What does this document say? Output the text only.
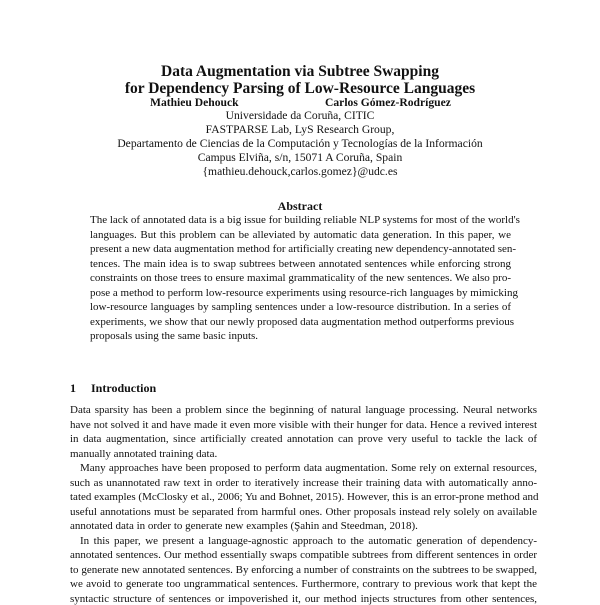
Data Augmentation via Subtree Swapping
for Dependency Parsing of Low-Resource Languages
Mathieu Dehouck	Carlos Gómez-Rodríguez
Universidade da Coruña, CITIC
FASTPARSE Lab, LyS Research Group,
Departamento de Ciencias de la Computación y Tecnologías de la Información
Campus Elviña, s/n, 15071 A Coruña, Spain
{mathieu.dehouck,carlos.gomez}@udc.es
Abstract
The lack of annotated data is a big issue for building reliable NLP systems for most of the world's
languages. But this problem can be alleviated by automatic data generation. In this paper, we
present a new data augmentation method for artificially creating new dependency-annotated sen-
tences. The main idea is to swap subtrees between annotated sentences while enforcing strong
constraints on those trees to ensure maximal grammaticality of the new sentences. We also pro-
pose a method to perform low-resource experiments using resource-rich languages by mimicking
low-resource languages by sampling sentences under a low-resource distribution. In a series of
experiments, we show that our newly proposed data augmentation method outperforms previous
proposals using the same basic inputs.
1 Introduction
Data sparsity has been a problem since the beginning of natural language processing. Neural networks
have not solved it and have made it even more visible with their hunger for data. Hence a revived interest
in data augmentation, since artificially created annotation can prove very useful to tackle the lack of
manually annotated training data.
Many approaches have been proposed to perform data augmentation. Some rely on external resources,
such as unannotated raw text in order to iteratively increase their training data with automatically anno-
tated examples (McClosky et al., 2006; Yu and Bohnet, 2015). However, this is an error-prone method and
useful annotations must be separated from harmful ones. Other proposals instead rely solely on available
annotated data in order to generate new examples (Şahin and Steedman, 2018).
In this paper, we present a language-agnostic approach to the automatic generation of dependency-
annotated sentences. Our method essentially swaps compatible subtrees from different sentences in order
to generate new annotated sentences. By enforcing a number of constraints on the subtrees to be swapped,
we avoid to generate too ungrammatical sentences. Furthermore, contrary to previous work that kept the
syntactic structure of sentences or impoverished it, our method injects structures from other sentences,
